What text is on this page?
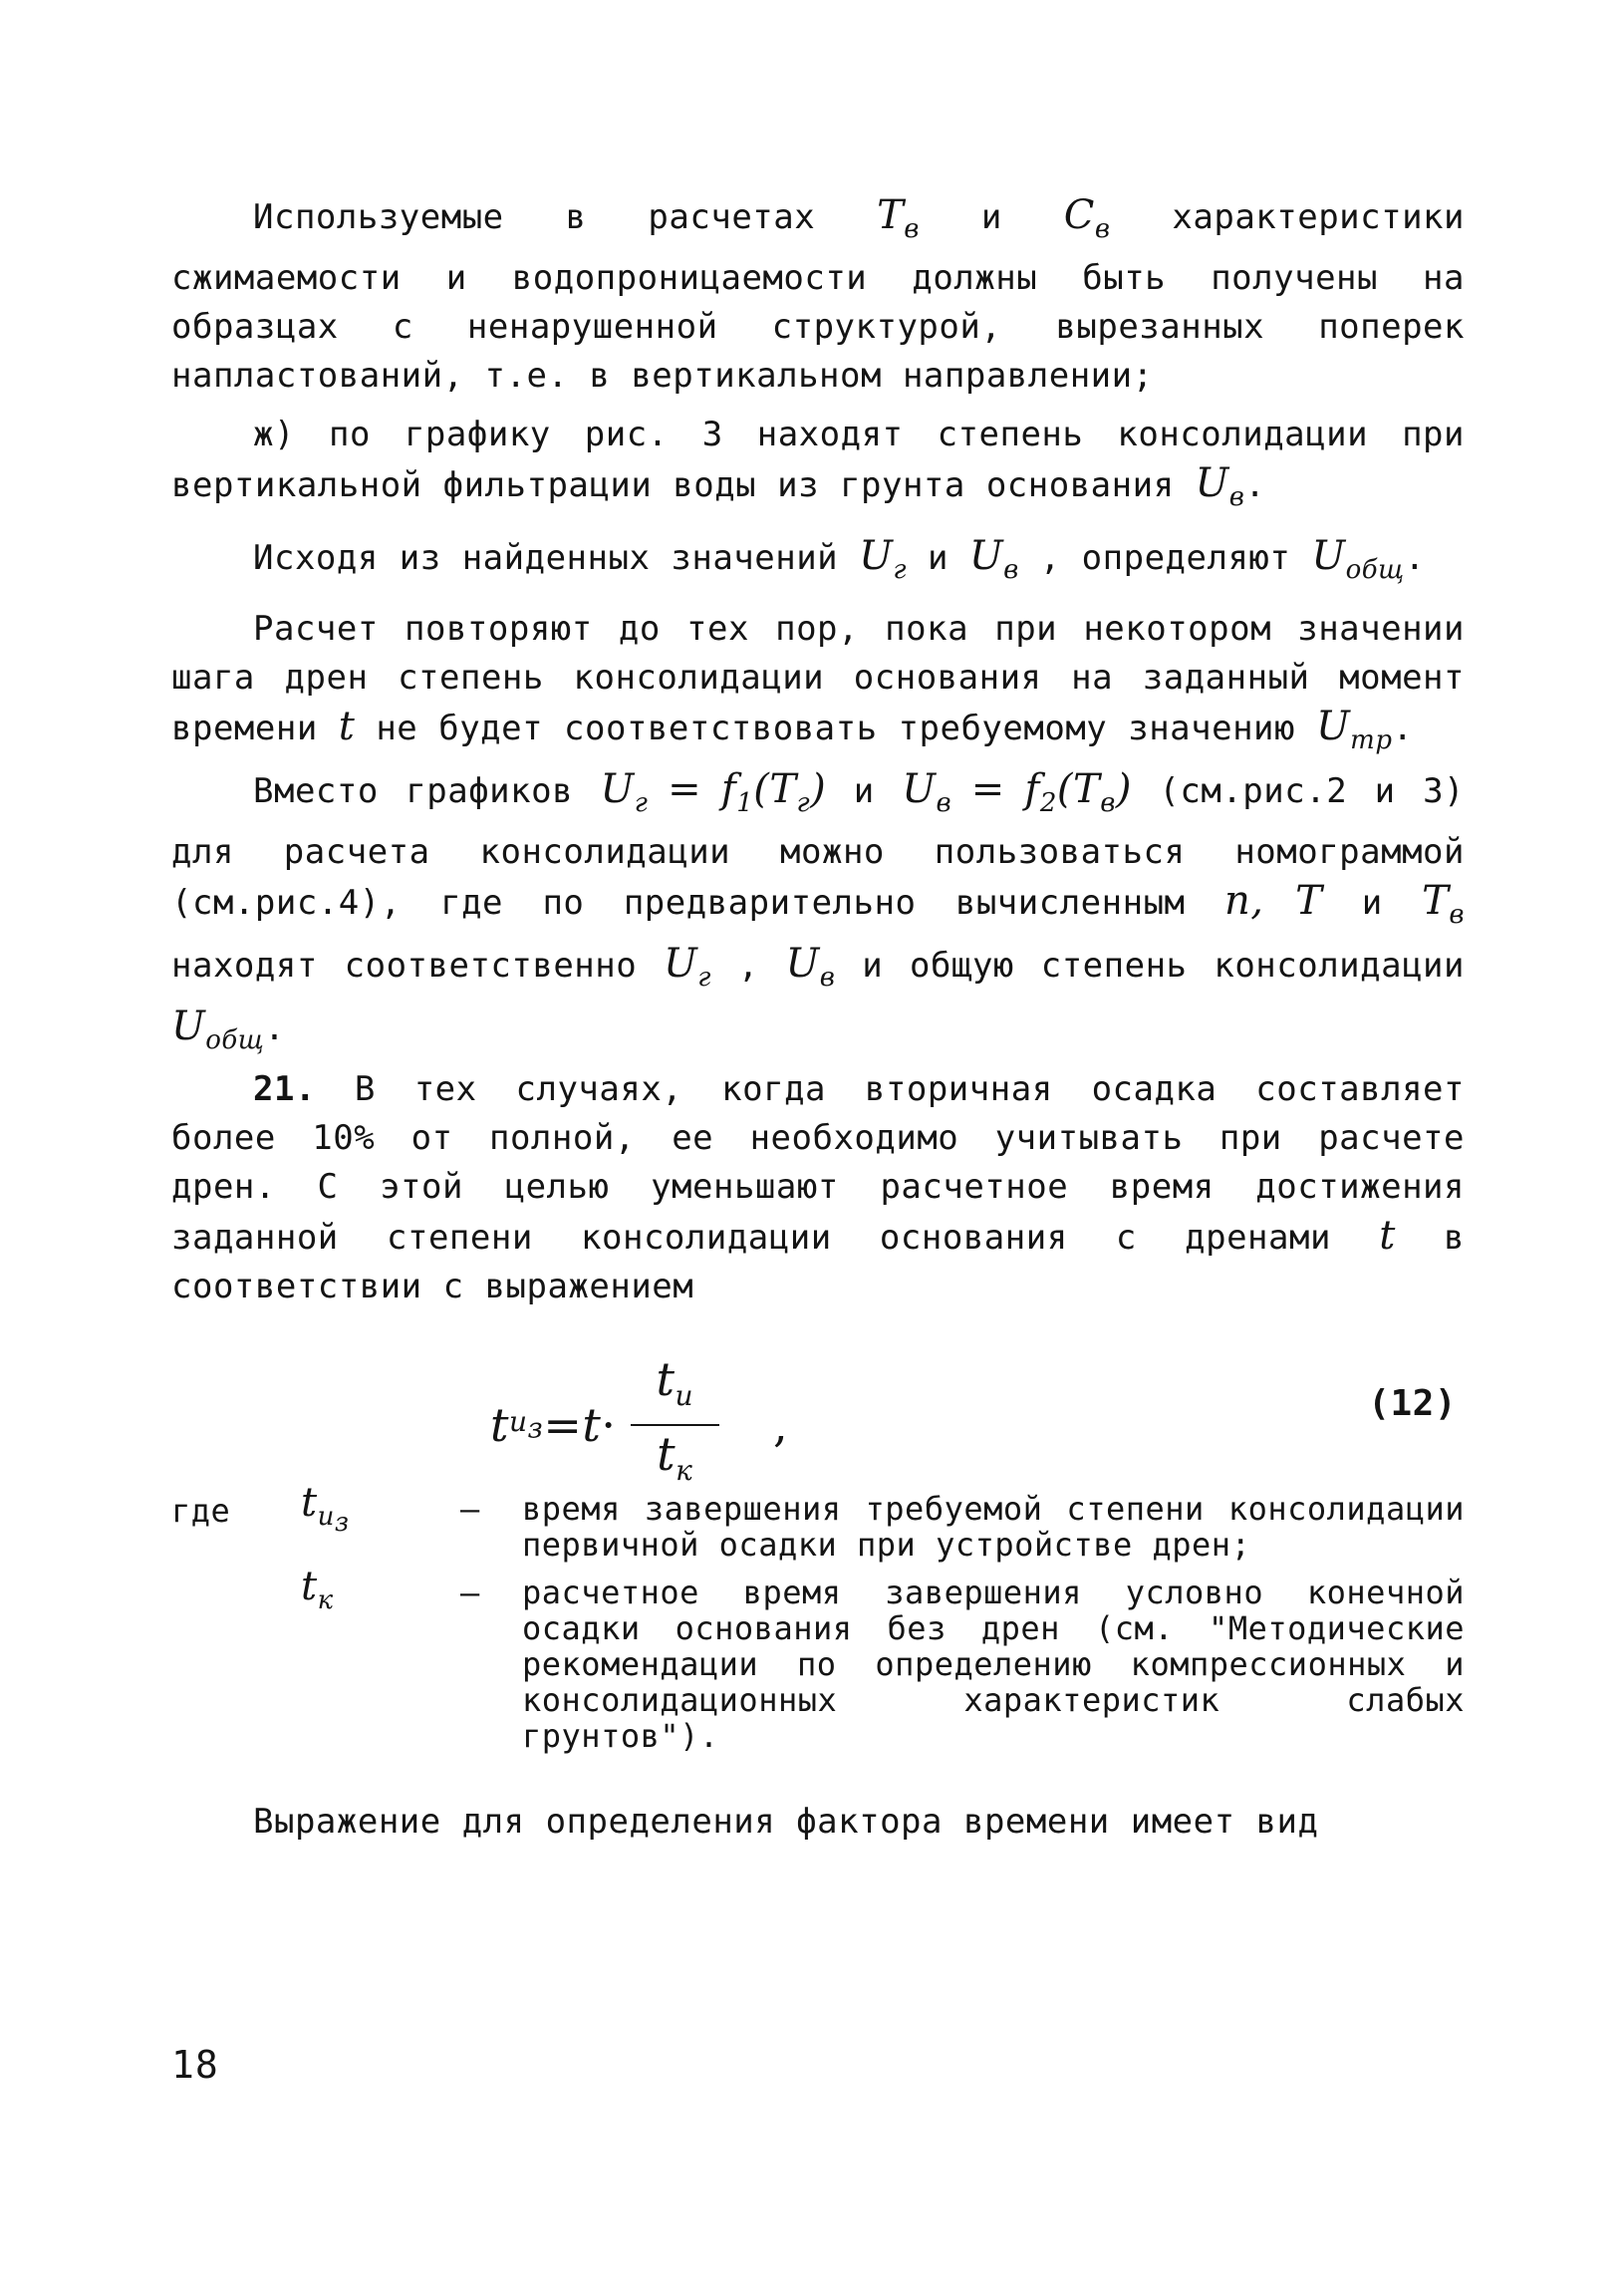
Используемые в расчетах $Т_в$ и $С_в$ характеристики сжимаемости и водопроницаемости должны быть получены на образцах с ненарушенной структурой, вырезанных поперек напластований, т.е. в вертикальном направлении;

ж) по графику рис. 3 находят степень консолидации при вертикальной фильтрации воды из грунта основания $U_в$.

Исходя из найденных значений $U_г$ и $U_в$ , определяют $U_{общ}$.

Расчет повторяют до тех пор, пока при некотором значении шага дрен степень консолидации основания на заданный момент времени t не будет соответствовать требуемому значению $U_{тр}$.

Вместо графиков $U_г = f_1(Т_г)$ и $U_в = f_2(Т_в)$ (см.рис.2 и 3) для расчета консолидации можно пользоваться номограммой (см.рис.4), где по предварительно вычисленным n, Т и $Т_в$ находят соответственно $U_г$ , $U_в$ и общую степень консолидации $U_{общ}$.

21. В тех случаях, когда вторичная осадка составляет более 10% от полной, ее необходимо учитывать при расчете дрен. С этой целью уменьшают расчетное время достижения заданной степени консолидации основания с дренами t в соответствии с выражением

t $u_з = t \cdot \frac{t_u}{t_к}$ ,	(12)
где $t_{u_з}$	– время завершения требуемой степени консолидации первичной осадки при устройстве дрен;
$t_к$	– расчетное время завершения условно конечной осадки основания без дрен (см. "Методические рекомендации по определению компрессионных и консолидационных характеристик слабых грунтов").

Выражение для определения фактора времени имеет вид

18
